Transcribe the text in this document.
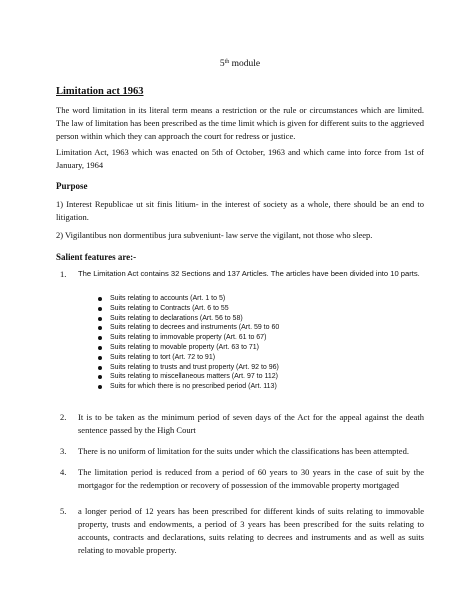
5th module
Limitation act 1963
The word limitation in its literal term means a restriction or the rule or circumstances which are limited. The law of limitation has been prescribed as the time limit which is given for different suits to the aggrieved person within which they can approach the court for redress or justice.
Limitation Act, 1963 which was enacted on 5th of October, 1963 and which came into force from 1st of January, 1964
Purpose
1) Interest Republicae ut sit finis litium- in the interest of society as a whole, there should be an end to litigation.
2) Vigilantibus non dormentibus jura subveniunt- law serve the vigilant, not those who sleep.
Salient features are:-
1. The Limitation Act contains 32 Sections and 137 Articles. The articles have been divided into 10 parts.
Suits relating to accounts (Art. 1 to 5)
Suits relating to Contracts (Art. 6 to 55
Suits relating to declarations (Art. 56 to 58)
Suits relating to decrees and instruments (Art. 59 to 60
Suits relating to immovable property (Art. 61 to 67)
Suits relating to movable property (Art. 63 to 71)
Suits relating to tort (Art. 72 to 91)
Suits relating to trusts and trust property (Art. 92 to 96)
Suits relating to miscellaneous matters (Art. 97 to 112)
Suits for which there is no prescribed period (Art. 113)
2. It is to be taken as the minimum period of seven days of the Act for the appeal against the death sentence passed by the High Court
3. There is no uniform of limitation for the suits under which the classifications has been attempted.
4. The limitation period is reduced from a period of 60 years to 30 years in the case of suit by the mortgagor for the redemption or recovery of possession of the immovable property mortgaged
5. a longer period of 12 years has been prescribed for different kinds of suits relating to immovable property, trusts and endowments, a period of 3 years has been prescribed for the suits relating to accounts, contracts and declarations, suits relating to decrees and instruments and as well as suits relating to movable property.
